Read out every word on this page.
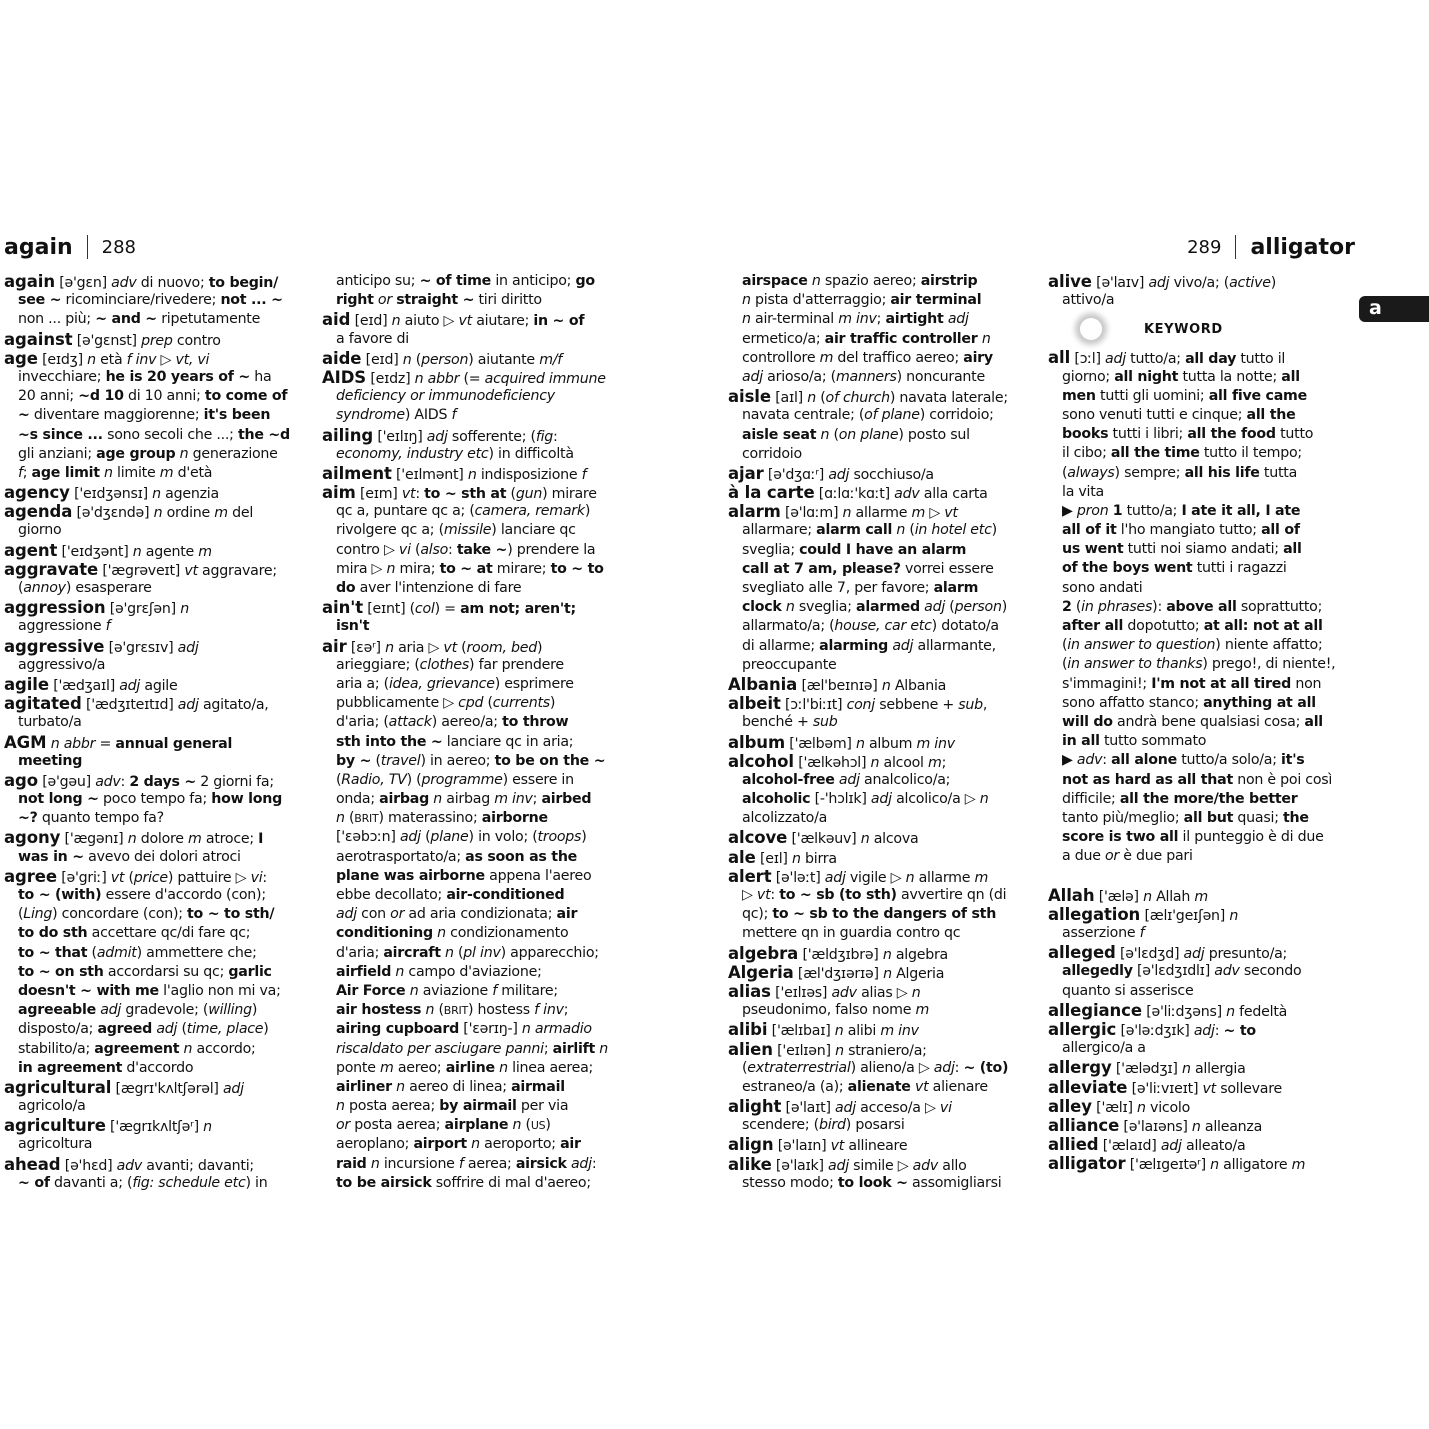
again 288	289 alligator
a
again [ə'gɛn] adv di nuovo; to begin/
see ~ ricominciare/rivedere; not ... ~
non ... più; ~ and ~ ripetutamente
against [ə'gɛnst] prep contro
age [eɪdʒ] n età f inv ▷ vt, vi
invecchiare; he is 20 years of ~ ha
20 anni; ~d 10 di 10 anni; to come of
~ diventare maggiorenne; it's been
~s since ... sono secoli che ...; the ~d
gli anziani; age group n generazione
f; age limit n limite m d'età
agency ['eɪdʒənsɪ] n agenzia
agenda [ə'dʒɛndə] n ordine m del
giorno
agent ['eɪdʒənt] n agente m
aggravate ['ægrəveɪt] vt aggravare;
(annoy) esasperare
aggression [ə'grɛʃən] n
aggressione f
aggressive [ə'grɛsɪv] adj
aggressivo/a
agile ['ædʒaɪl] adj agile
agitated ['ædʒɪteɪtɪd] adj agitato/a,
turbato/a
AGM n abbr = annual general
meeting
ago [ə'gəu] adv: 2 days ~ 2 giorni fa;
not long ~ poco tempo fa; how long
~? quanto tempo fa?
agony ['ægənɪ] n dolore m atroce; I
was in ~ avevo dei dolori atroci
agree [ə'griː] vt (price) pattuire ▷ vi:
to ~ (with) essere d'accordo (con);
(Ling) concordare (con); to ~ to sth/
to do sth accettare qc/di fare qc;
to ~ that (admit) ammettere che;
to ~ on sth accordarsi su qc; garlic
doesn't ~ with me l'aglio non mi va;
agreeable adj gradevole; (willing)
disposto/a; agreed adj (time, place)
stabilito/a; agreement n accordo;
in agreement d'accordo
agricultural [ægrɪ'kʌltʃərəl] adj
agricolo/a
agriculture ['ægrɪkʌltʃəʳ] n
agricoltura
ahead [ə'hɛd] adv avanti; davanti;
~ of davanti a; (fig: schedule etc) in
anticipo su; ~ of time in anticipo; go
right or straight ~ tiri diritto
aid [eɪd] n aiuto ▷ vt aiutare; in ~ of
a favore di
aide [eɪd] n (person) aiutante m/f
AIDS [eɪdz] n abbr (= acquired immune
deficiency or immunodeficiency
syndrome) AIDS f
ailing ['eɪlɪŋ] adj sofferente; (fig:
economy, industry etc) in difficoltà
ailment ['eɪlmənt] n indisposizione f
aim [eɪm] vt: to ~ sth at (gun) mirare
qc a, puntare qc a; (camera, remark)
rivolgere qc a; (missile) lanciare qc
contro ▷ vi (also: take ~) prendere la
mira ▷ n mira; to ~ at mirare; to ~ to
do aver l'intenzione di fare
ain't [eɪnt] (col) = am not; aren't;
isn't
air [ɛəʳ] n aria ▷ vt (room, bed)
arieggiare; (clothes) far prendere
aria a; (idea, grievance) esprimere
pubblicamente ▷ cpd (currents)
d'aria; (attack) aereo/a; to throw
sth into the ~ lanciare qc in aria;
by ~ (travel) in aereo; to be on the ~
(Radio, TV) (programme) essere in
onda; airbag n airbag m inv; airbed
n (BRIT) materassino; airborne
['ɛəbɔːn] adj (plane) in volo; (troops)
aerotrasportato/a; as soon as the
plane was airborne appena l'aereo
ebbe decollato; air-conditioned
adj con or ad aria condizionata; air
conditioning n condizionamento
d'aria; aircraft n (pl inv) apparecchio;
airfield n campo d'aviazione;
Air Force n aviazione f militare;
air hostess n (BRIT) hostess f inv;
airing cupboard ['ɛərɪŋ-] n armadio
riscaldato per asciugare panni; airlift n
ponte m aereo; airline n linea aerea;
airliner n aereo di linea; airmail
n posta aerea; by airmail per via
or posta aerea; airplane n (US)
aeroplano; airport n aeroporto; air
raid n incursione f aerea; airsick adj:
to be airsick soffrire di mal d'aereo;
airspace n spazio aereo; airstrip
n pista d'atterraggio; air terminal
n air-terminal m inv; airtight adj
ermetico/a; air traffic controller n
controllore m del traffico aereo; airy
adj arioso/a; (manners) noncurante
aisle [aɪl] n (of church) navata laterale;
navata centrale; (of plane) corridoio;
aisle seat n (on plane) posto sul
corridoio
ajar [ə'dʒɑːʳ] adj socchiuso/a
à la carte [ɑːlɑː'kɑːt] adv alla carta
alarm [ə'lɑːm] n allarme m ▷ vt
allarmare; alarm call n (in hotel etc)
sveglia; could I have an alarm
call at 7 am, please? vorrei essere
svegliato alle 7, per favore; alarm
clock n sveglia; alarmed adj (person)
allarmato/a; (house, car etc) dotato/a
di allarme; alarming adj allarmante,
preoccupante
Albania [æl'beɪnɪə] n Albania
albeit [ɔːl'biːɪt] conj sebbene + sub,
benché + sub
album ['ælbəm] n album m inv
alcohol ['ælkəhɔl] n alcool m;
alcohol-free adj analcolico/a;
alcoholic [-'hɔlɪk] adj alcolico/a ▷ n
alcolizzato/a
alcove ['ælkəuv] n alcova
ale [eɪl] n birra
alert [ə'ləːt] adj vigile ▷ n allarme m
▷ vt: to ~ sb (to sth) avvertire qn (di
qc); to ~ sb to the dangers of sth
mettere qn in guardia contro qc
algebra ['ældʒɪbrə] n algebra
Algeria [æl'dʒɪərɪə] n Algeria
alias ['eɪlɪəs] adv alias ▷ n
pseudonimo, falso nome m
alibi ['ælɪbaɪ] n alibi m inv
alien ['eɪlɪən] n straniero/a;
(extraterrestrial) alieno/a ▷ adj: ~ (to)
estraneo/a (a); alienate vt alienare
alight [ə'laɪt] adj acceso/a ▷ vi
scendere; (bird) posarsi
align [ə'laɪn] vt allineare
alike [ə'laɪk] adj simile ▷ adv allo
stesso modo; to look ~ assomigliarsi
alive [ə'laɪv] adj vivo/a; (active)
attivo/a
KEYWORD
all [ɔːl] adj tutto/a; all day tutto il
giorno; all night tutta la notte; all
men tutti gli uomini; all five came
sono venuti tutti e cinque; all the
books tutti i libri; all the food tutto
il cibo; all the time tutto il tempo;
(always) sempre; all his life tutta
la vita
▶ pron 1 tutto/a; I ate it all, I ate
all of it l'ho mangiato tutto; all of
us went tutti noi siamo andati; all
of the boys went tutti i ragazzi
sono andati
2 (in phrases): above all soprattutto;
after all dopotutto; at all: not at all
(in answer to question) niente affatto;
(in answer to thanks) prego!, di niente!,
s'immagini!; I'm not at all tired non
sono affatto stanco; anything at all
will do andrà bene qualsiasi cosa; all
in all tutto sommato
▶ adv: all alone tutto/a solo/a; it's
not as hard as all that non è poi così
difficile; all the more/the better
tanto più/meglio; all but quasi; the
score is two all il punteggio è di due
a due or è due pari
Allah ['ælə] n Allah m
allegation [ælɪ'geɪʃən] n
asserzione f
alleged [ə'lɛdʒd] adj presunto/a;
allegedly [ə'lɛdʒɪdlɪ] adv secondo
quanto si asserisce
allegiance [ə'liːdʒəns] n fedeltà
allergic [ə'ləːdʒɪk] adj: ~ to
allergico/a a
allergy ['ælədʒɪ] n allergia
alleviate [ə'liːvɪeɪt] vt sollevare
alley ['ælɪ] n vicolo
alliance [ə'laɪəns] n alleanza
allied ['ælaɪd] adj alleato/a
alligator ['ælɪgeɪtəʳ] n alligatore m
